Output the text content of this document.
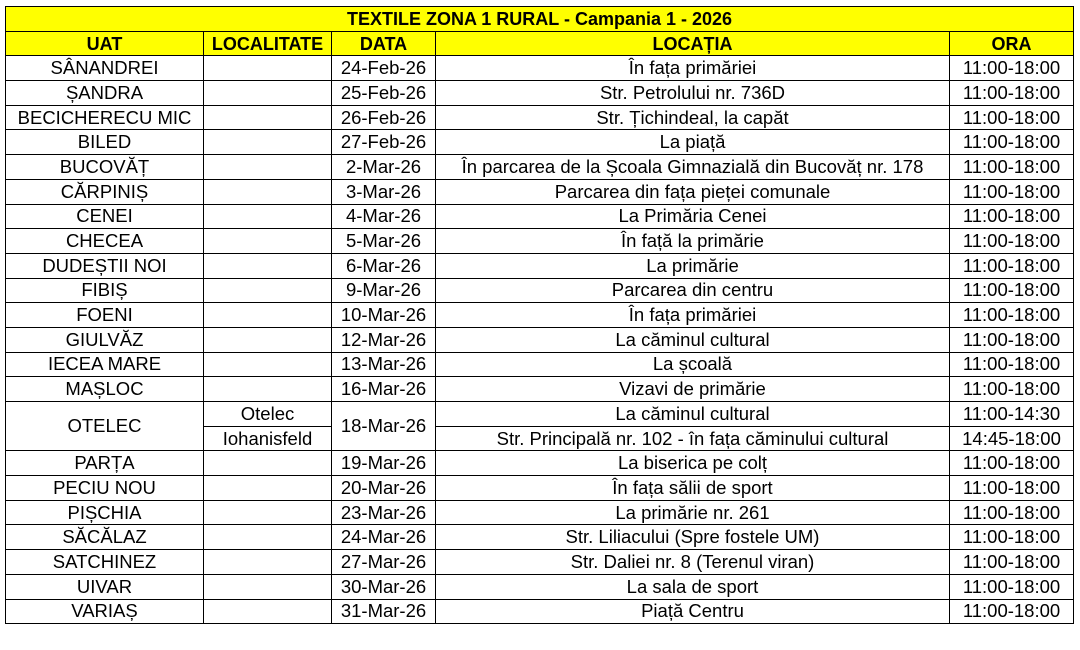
TEXTILE ZONA 1 RURAL - Campania 1 - 2026				
UAT	LOCALITATE	DATA	LOCAȚIA	ORA
SÂNANDREI		24-Feb-26	În fața primăriei	11:00-18:00
ȘANDRA		25-Feb-26	Str. Petrolului nr. 736D	11:00-18:00
BECICHERECU MIC		26-Feb-26	Str. Țichindeal, la capăt	11:00-18:00
BILED		27-Feb-26	La piață	11:00-18:00
BUCOVĂȚ		2-Mar-26	În parcarea de la Școala Gimnazială din Bucovăț nr. 178	11:00-18:00
CĂRPINIȘ		3-Mar-26	Parcarea din fața pieței comunale	11:00-18:00
CENEI		4-Mar-26	La Primăria Cenei	11:00-18:00
CHECEA		5-Mar-26	În față la primărie	11:00-18:00
DUDEȘTII NOI		6-Mar-26	La primărie	11:00-18:00
FIBIȘ		9-Mar-26	Parcarea din centru	11:00-18:00
FOENI		10-Mar-26	În fața primăriei	11:00-18:00
GIULVĂZ		12-Mar-26	La căminul cultural	11:00-18:00
IECEA MARE		13-Mar-26	La școală	11:00-18:00
MAȘLOC		16-Mar-26	Vizavi de primărie	11:00-18:00
OTELEC	Otelec	18-Mar-26	La căminul cultural	11:00-14:30
	Iohanisfeld		Str. Principală nr. 102 - în fața căminului cultural	14:45-18:00
PARȚA		19-Mar-26	La biserica pe colț	11:00-18:00
PECIU NOU		20-Mar-26	În fața sălii de sport	11:00-18:00
PIȘCHIA		23-Mar-26	La primărie nr. 261	11:00-18:00
SĂCĂLAZ		24-Mar-26	Str. Liliacului (Spre fostele UM)	11:00-18:00
SATCHINEZ		27-Mar-26	Str. Daliei nr. 8 (Terenul viran)	11:00-18:00
UIVAR		30-Mar-26	La sala de sport	11:00-18:00
VARIAȘ		31-Mar-26	Piață Centru	11:00-18:00
